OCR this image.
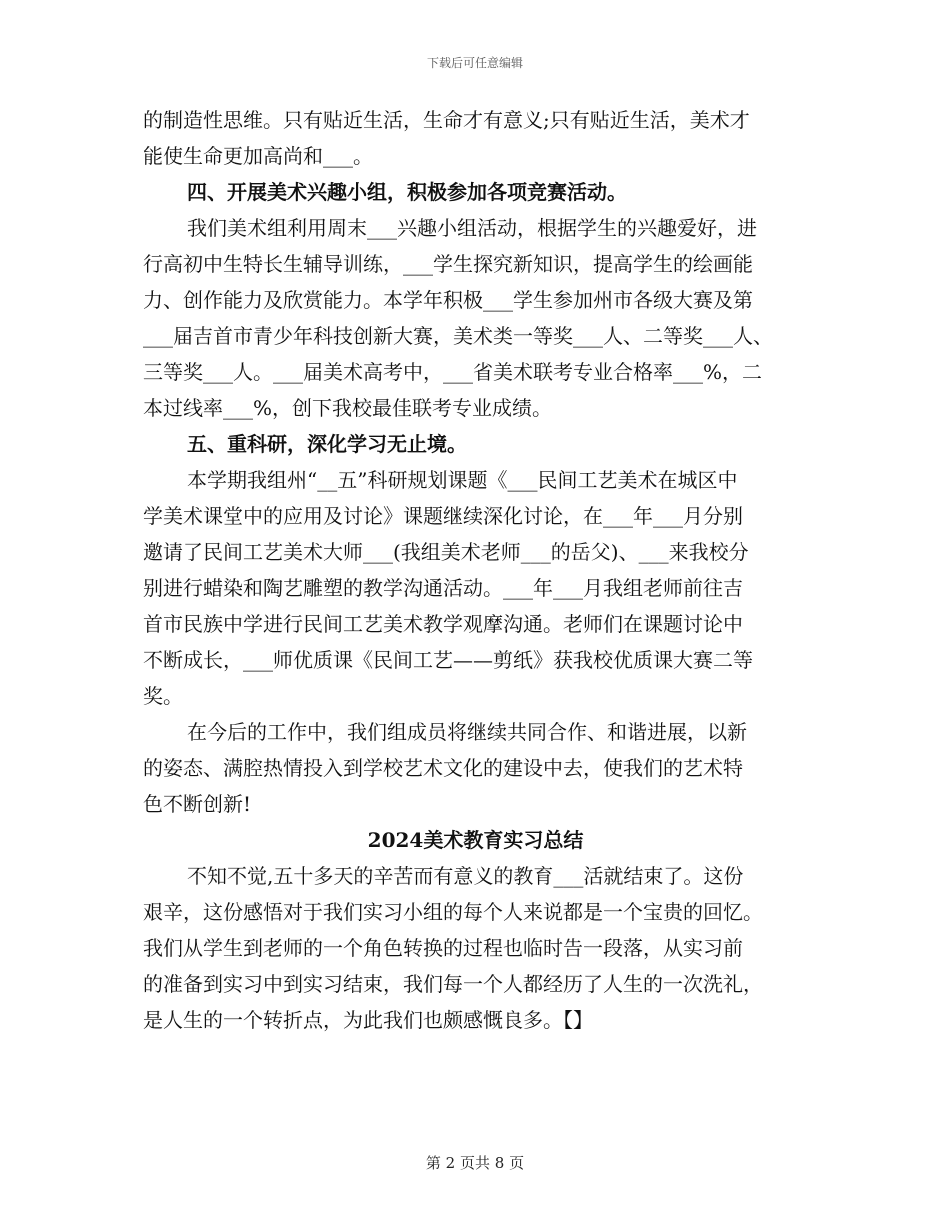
下载后可任意编辑
的制造性思维。只有贴近生活，生命才有意义;只有贴近生活，美术才
能使生命更加高尚和___。
四、开展美术兴趣小组，积极参加各项竞赛活动。
我们美术组利用周末___兴趣小组活动，根据学生的兴趣爱好，进
行高初中生特长生辅导训练，___学生探究新知识，提高学生的绘画能
力、创作能力及欣赏能力。本学年积极___学生参加州市各级大赛及第
___届吉首市青少年科技创新大赛，美术类一等奖___人、二等奖___人、
三等奖___人。___届美术高考中，___省美术联考专业合格率___%，二
本过线率___%，创下我校最佳联考专业成绩。
五、重科研，深化学习无止境。
本学期我组州“__五”科研规划课题《___民间工艺美术在城区中
学美术课堂中的应用及讨论》课题继续深化讨论，在___年___月分别
邀请了民间工艺美术大师___(我组美术老师___的岳父)、___来我校分
别进行蜡染和陶艺雕塑的教学沟通活动。___年___月我组老师前往吉
首市民族中学进行民间工艺美术教学观摩沟通。老师们在课题讨论中
不断成长，___师优质课《民间工艺——剪纸》获我校优质课大赛二等
奖。
在今后的工作中，我们组成员将继续共同合作、和谐进展，以新
的姿态、满腔热情投入到学校艺术文化的建设中去，使我们的艺术特
色不断创新!
2024美术教育实习总结
不知不觉,五十多天的辛苦而有意义的教育___活就结束了。这份
艰辛，这份感悟对于我们实习小组的每个人来说都是一个宝贵的回忆。
我们从学生到老师的一个角色转换的过程也临时告一段落，从实习前
的准备到实习中到实习结束，我们每一个人都经历了人生的一次洗礼，
是人生的一个转折点，为此我们也颇感慨良多。【】
第 2 页共 8 页
